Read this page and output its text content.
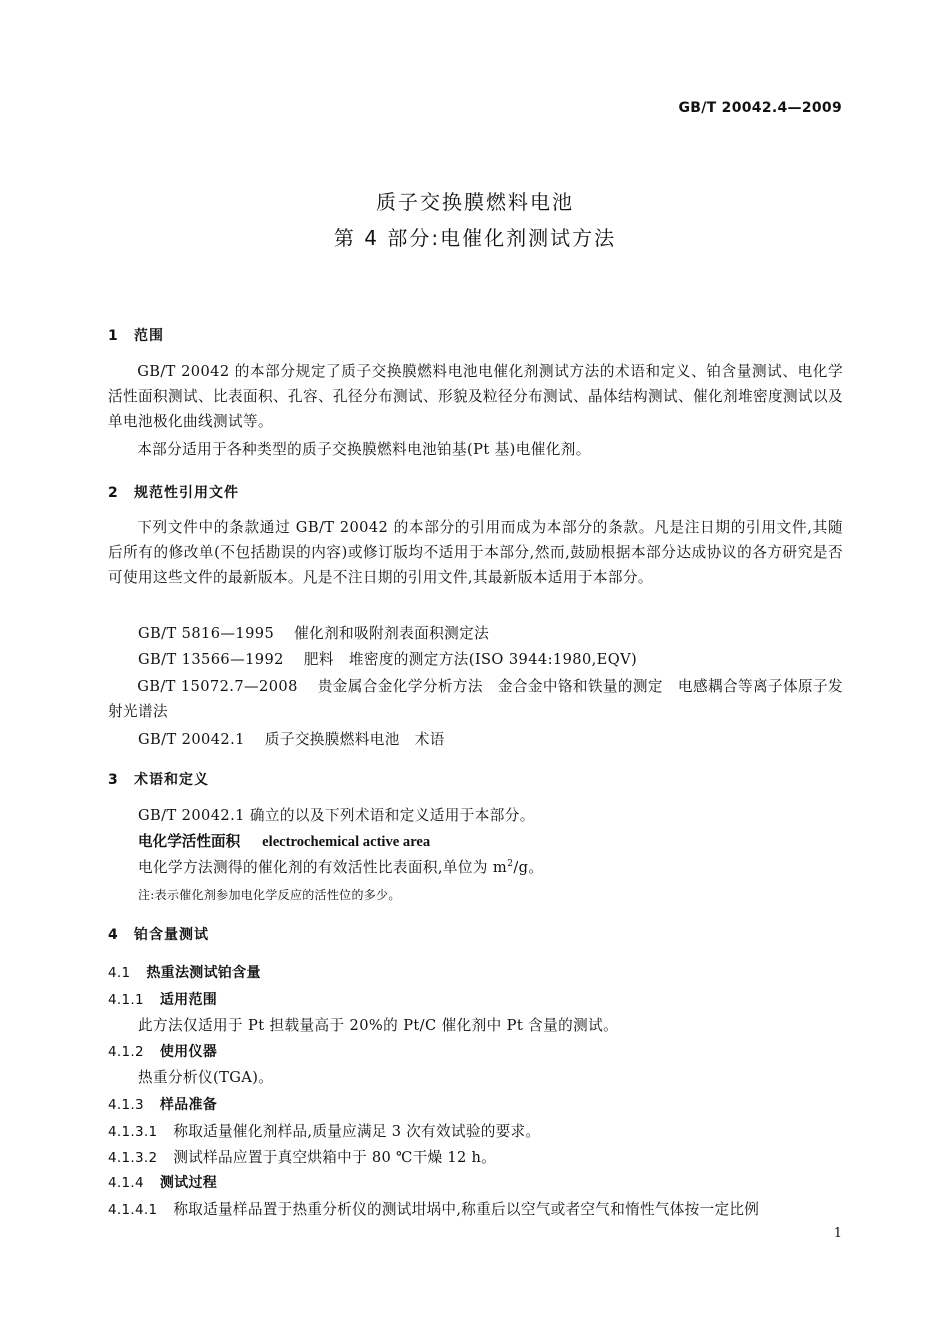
GB/T 20042.4—2009
质子交换膜燃料电池
第 4 部分:电催化剂测试方法
1 范围
GB/T 20042 的本部分规定了质子交换膜燃料电池电催化剂测试方法的术语和定义、铂含量测试、电化学活性面积测试、比表面积、孔容、孔径分布测试、形貌及粒径分布测试、晶体结构测试、催化剂堆密度测试以及单电池极化曲线测试等。
本部分适用于各种类型的质子交换膜燃料电池铂基(Pt 基)电催化剂。
2 规范性引用文件
下列文件中的条款通过 GB/T 20042 的本部分的引用而成为本部分的条款。凡是注日期的引用文件,其随后所有的修改单(不包括勘误的内容)或修订版均不适用于本部分,然而,鼓励根据本部分达成协议的各方研究是否可使用这些文件的最新版本。凡是不注日期的引用文件,其最新版本适用于本部分。
GB/T 5816—1995 催化剂和吸附剂表面积测定法
GB/T 13566—1992 肥料　堆密度的测定方法(ISO 3944:1980,EQV)
GB/T 15072.7—2008 贵金属合金化学分析方法　金合金中铬和铁量的测定　电感耦合等离子体原子发射光谱法
GB/T 20042.1 质子交换膜燃料电池　术语
3 术语和定义
GB/T 20042.1 确立的以及下列术语和定义适用于本部分。
电化学活性面积 electrochemical active area
电化学方法测得的催化剂的有效活性比表面积,单位为 $m^2/g$。
注:表示催化剂参加电化学反应的活性位的多少。
4 铂含量测试
4.1 热重法测试铂含量
4.1.1 适用范围
此方法仅适用于 Pt 担载量高于 20%的 Pt/C 催化剂中 Pt 含量的测试。
4.1.2 使用仪器
热重分析仪(TGA)。
4.1.3 样品准备
4.1.3.1 称取适量催化剂样品,质量应满足 3 次有效试验的要求。
4.1.3.2 测试样品应置于真空烘箱中于 80 ℃干燥 12 h。
4.1.4 测试过程
4.1.4.1 称取适量样品置于热重分析仪的测试坩埚中,称重后以空气或者空气和惰性气体按一定比例
1
